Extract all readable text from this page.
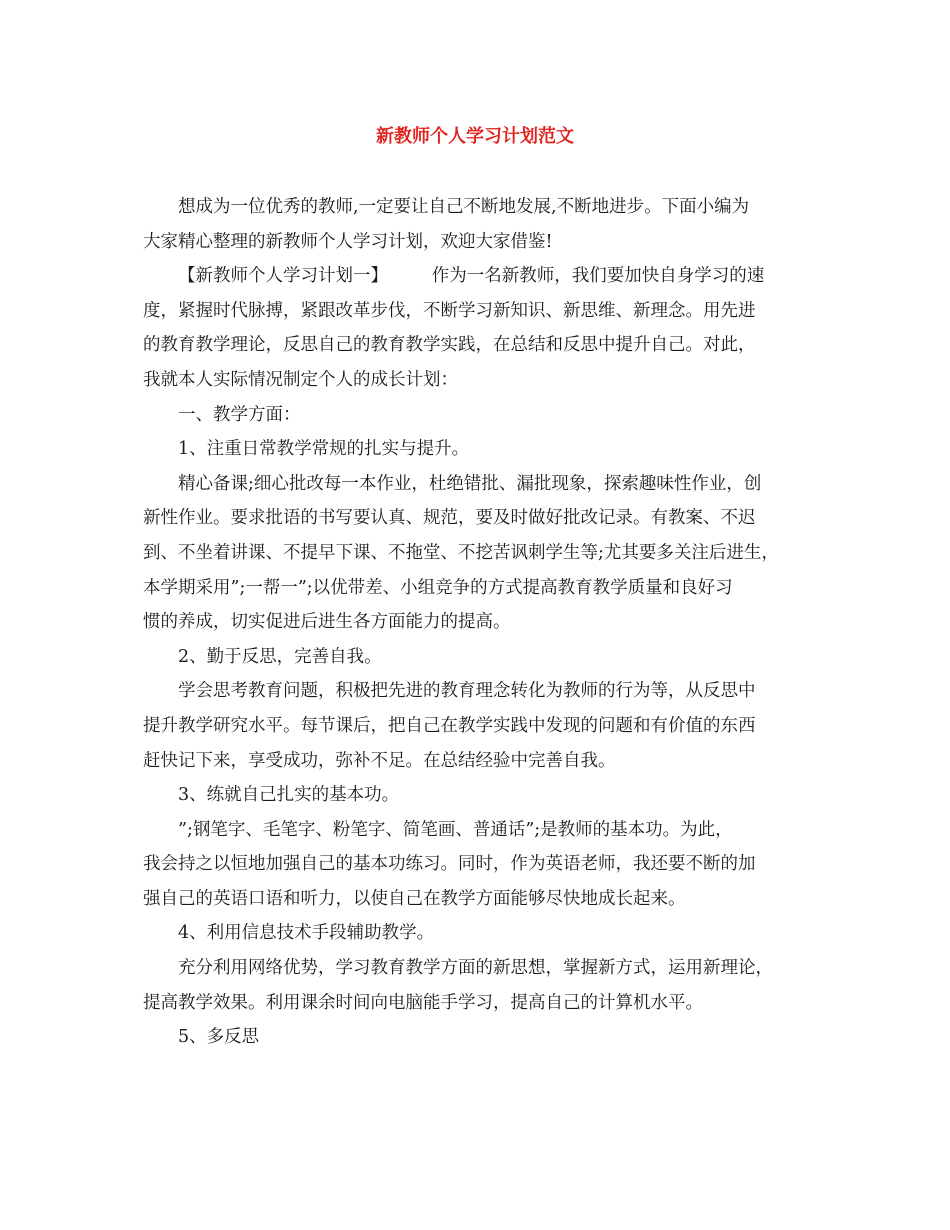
新教师个人学习计划范文
想成为一位优秀的教师,一定要让自己不断地发展,不断地进步。下面小编为
大家精心整理的新教师个人学习计划，欢迎大家借鉴!
【新教师个人学习计划一】　　　作为一名新教师，我们要加快自身学习的速
度，紧握时代脉搏，紧跟改革步伐，不断学习新知识、新思维、新理念。用先进
的教育教学理论，反思自己的教育教学实践，在总结和反思中提升自己。对此，
我就本人实际情况制定个人的成长计划：
一、教学方面：
1、注重日常教学常规的扎实与提升。
精心备课;细心批改每一本作业，杜绝错批、漏批现象，探索趣味性作业，创
新性作业。要求批语的书写要认真、规范，要及时做好批改记录。有教案、不迟
到、不坐着讲课、不提早下课、不拖堂、不挖苦讽刺学生等;尤其要多关注后进生，
本学期采用”;一帮一”;以优带差、小组竞争的方式提高教育教学质量和良好习
惯的养成，切实促进后进生各方面能力的提高。
2、勤于反思，完善自我。
学会思考教育问题，积极把先进的教育理念转化为教师的行为等，从反思中
提升教学研究水平。每节课后，把自己在教学实践中发现的问题和有价值的东西
赶快记下来，享受成功，弥补不足。在总结经验中完善自我。
3、练就自己扎实的基本功。
”;钢笔字、毛笔字、粉笔字、简笔画、普通话”;是教师的基本功。为此，
我会持之以恒地加强自己的基本功练习。同时，作为英语老师，我还要不断的加
强自己的英语口语和听力，以使自己在教学方面能够尽快地成长起来。
4、利用信息技术手段辅助教学。
充分利用网络优势，学习教育教学方面的新思想，掌握新方式，运用新理论，
提高教学效果。利用课余时间向电脑能手学习，提高自己的计算机水平。
5、多反思
